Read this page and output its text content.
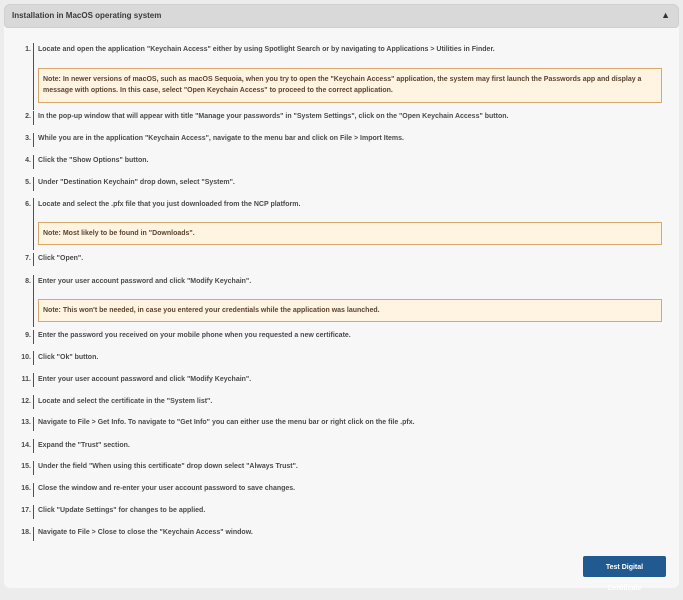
Installation in MacOS operating system	▲
1. Locate and open the application "Keychain Access" either by using Spotlight Search or by navigating to Applications > Utilities in Finder.
Note: In newer versions of macOS, such as macOS Sequoia, when you try to open the "Keychain Access" application, the system may first launch the Passwords app and display a message with options. In this case, select "Open Keychain Access" to proceed to the correct application.
2. In the pop-up window that will appear with title "Manage your passwords" in "System Settings", click on the "Open Keychain Access" button.
3. While you are in the application "Keychain Access", navigate to the menu bar and click on File > Import Items.
4. Click the "Show Options" button.
5. Under "Destination Keychain" drop down, select "System".
6. Locate and select the .pfx file that you just downloaded from the NCP platform.
Note: Most likely to be found in "Downloads".
7. Click "Open".
8. Enter your user account password and click "Modify Keychain".
Note: This won't be needed, in case you entered your credentials while the application was launched.
9. Enter the password you received on your mobile phone when you requested a new certificate.
10. Click "Ok" button.
11. Enter your user account password and click "Modify Keychain".
12. Locate and select the certificate in the "System list".
13. Navigate to File > Get Info. To navigate to "Get Info" you can either use the menu bar or right click on the file .pfx.
14. Expand the "Trust" section.
15. Under the field "When using this certificate" drop down select "Always Trust".
16. Close the window and re-enter your user account password to save changes.
17. Click "Update Settings" for changes to be applied.
18. Navigate to File > Close to close the "Keychain Access" window.
Test Digital Certificate
